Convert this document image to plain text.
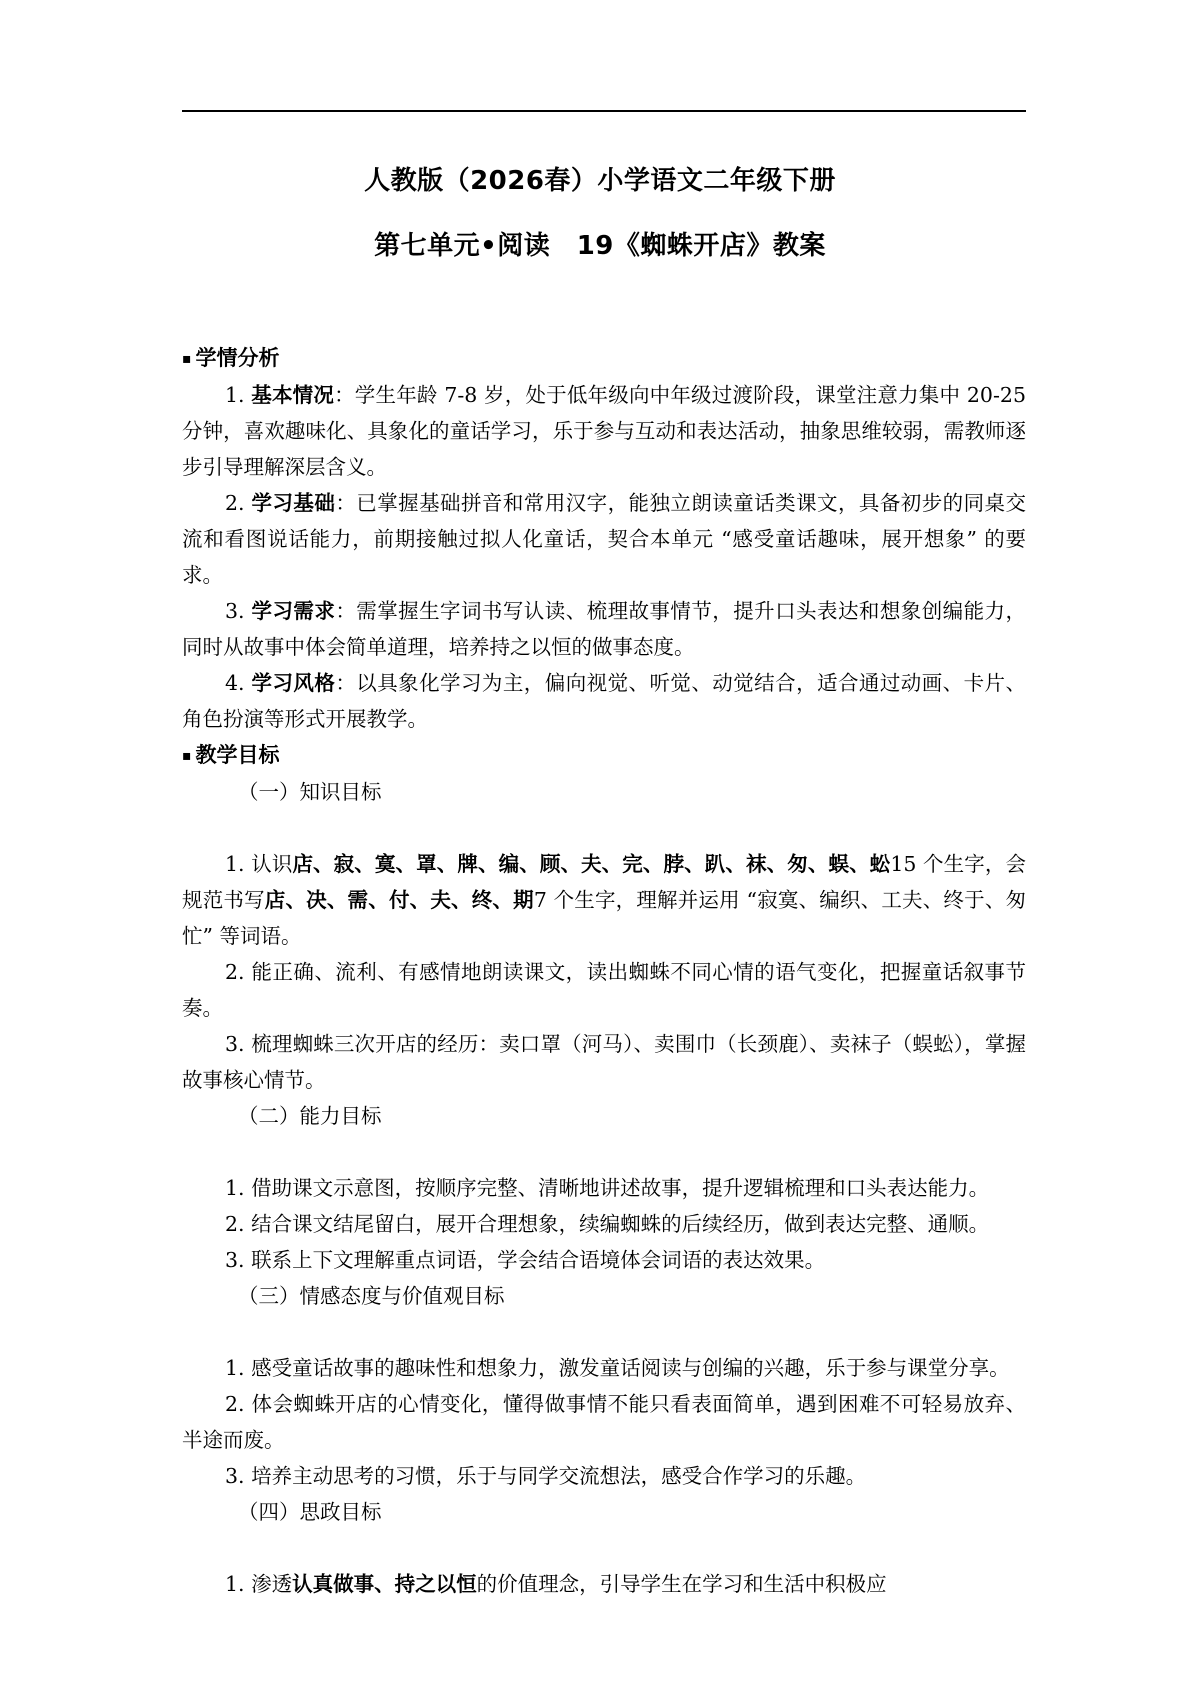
人教版（2026春）小学语文二年级下册
第七单元•阅读　19《蜘蛛开店》教案

▪ 学情分析

1. 基本情况：学生年龄 7-8 岁，处于低年级向中年级过渡阶段，课堂注意力集中 20-25 分钟，喜欢趣味化、具象化的童话学习，乐于参与互动和表达活动，抽象思维较弱，需教师逐步引导理解深层含义。

2. 学习基础：已掌握基础拼音和常用汉字，能独立朗读童话类课文，具备初步的同桌交流和看图说话能力，前期接触过拟人化童话，契合本单元 “感受童话趣味，展开想象” 的要求。

3. 学习需求：需掌握生字词书写认读、梳理故事情节，提升口头表达和想象创编能力，同时从故事中体会简单道理，培养持之以恒的做事态度。

4. 学习风格：以具象化学习为主，偏向视觉、听觉、动觉结合，适合通过动画、卡片、角色扮演等形式开展教学。

▪ 教学目标

（一）知识目标

1. 认识店、寂、寞、罩、牌、编、顾、夫、完、脖、趴、袜、匆、蜈、蚣15 个生字，会规范书写店、决、需、付、夫、终、期7 个生字，理解并运用 “寂寞、编织、工夫、终于、匆忙” 等词语。

2. 能正确、流利、有感情地朗读课文，读出蜘蛛不同心情的语气变化，把握童话叙事节奏。

3. 梳理蜘蛛三次开店的经历：卖口罩（河马）、卖围巾（长颈鹿）、卖袜子（蜈蚣），掌握故事核心情节。

（二）能力目标

1. 借助课文示意图，按顺序完整、清晰地讲述故事，提升逻辑梳理和口头表达能力。

2. 结合课文结尾留白，展开合理想象，续编蜘蛛的后续经历，做到表达完整、通顺。

3. 联系上下文理解重点词语，学会结合语境体会词语的表达效果。

（三）情感态度与价值观目标

1. 感受童话故事的趣味性和想象力，激发童话阅读与创编的兴趣，乐于参与课堂分享。

2. 体会蜘蛛开店的心情变化，懂得做事情不能只看表面简单，遇到困难不可轻易放弃、半途而废。

3. 培养主动思考的习惯，乐于与同学交流想法，感受合作学习的乐趣。

（四）思政目标

1. 渗透认真做事、持之以恒的价值理念，引导学生在学习和生活中积极应
